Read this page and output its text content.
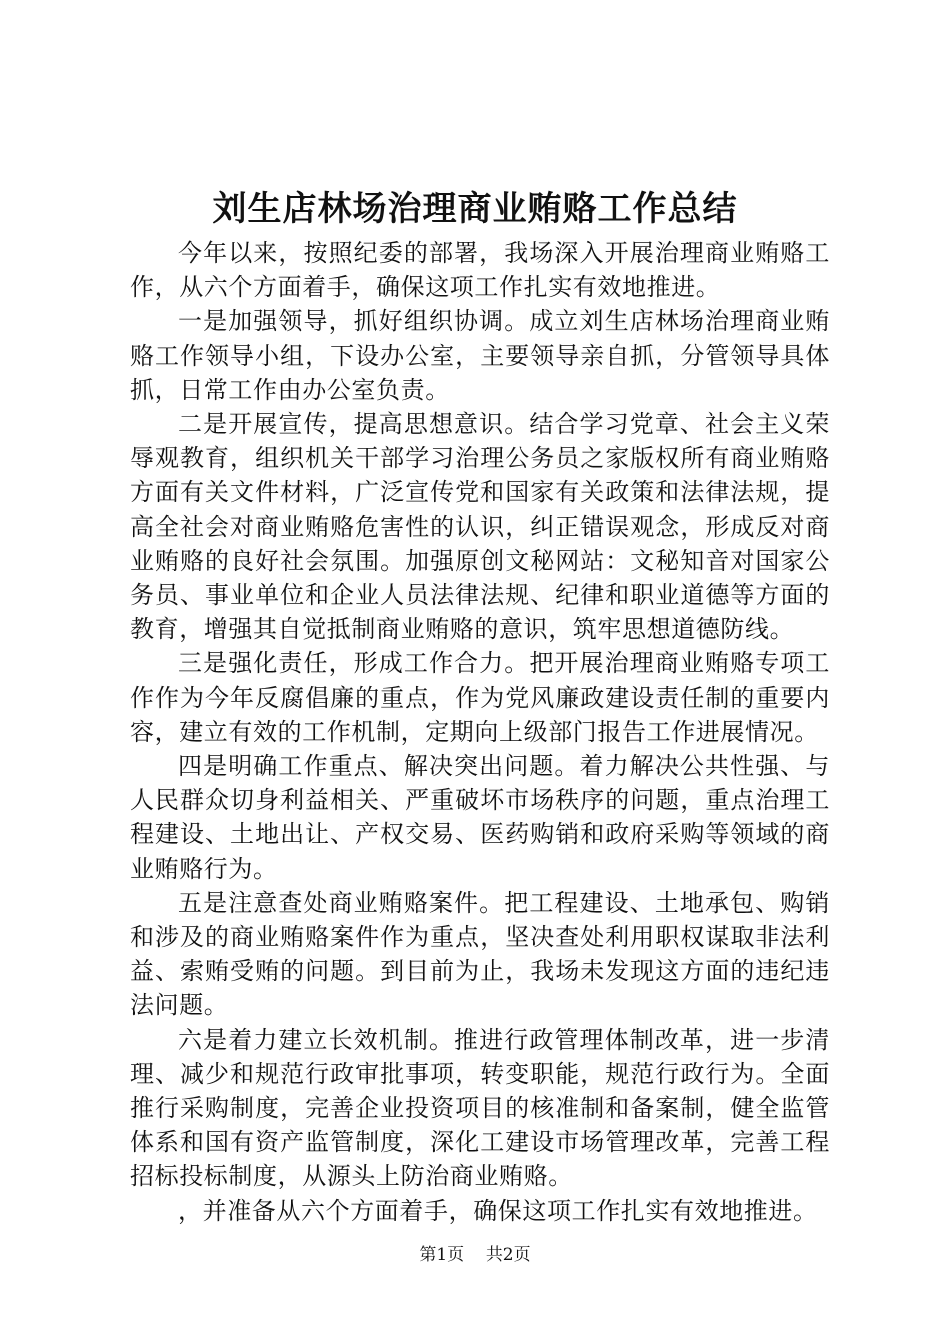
刘生店林场治理商业贿赂工作总结

今年以来，按照纪委的部署，我场深入开展治理商业贿赂工作，从六个方面着手，确保这项工作扎实有效地推进。

一是加强领导，抓好组织协调。成立刘生店林场治理商业贿赂工作领导小组，下设办公室，主要领导亲自抓，分管领导具体抓，日常工作由办公室负责。

二是开展宣传，提高思想意识。结合学习党章、社会主义荣辱观教育，组织机关干部学习治理公务员之家版权所有商业贿赂方面有关文件材料，广泛宣传党和国家有关政策和法律法规，提高全社会对商业贿赂危害性的认识，纠正错误观念，形成反对商业贿赂的良好社会氛围。加强原创文秘网站：文秘知音对国家公务员、事业单位和企业人员法律法规、纪律和职业道德等方面的教育，增强其自觉抵制商业贿赂的意识，筑牢思想道德防线。

三是强化责任，形成工作合力。把开展治理商业贿赂专项工作作为今年反腐倡廉的重点，作为党风廉政建设责任制的重要内容，建立有效的工作机制，定期向上级部门报告工作进展情况。

四是明确工作重点、解决突出问题。着力解决公共性强、与人民群众切身利益相关、严重破坏市场秩序的问题，重点治理工程建设、土地出让、产权交易、医药购销和政府采购等领域的商业贿赂行为。

五是注意查处商业贿赂案件。把工程建设、土地承包、购销和涉及的商业贿赂案件作为重点，坚决查处利用职权谋取非法利益、索贿受贿的问题。到目前为止，我场未发现这方面的违纪违法问题。

六是着力建立长效机制。推进行政管理体制改革，进一步清理、减少和规范行政审批事项，转变职能，规范行政行为。全面推行采购制度，完善企业投资项目的核准制和备案制，健全监管体系和国有资产监管制度，深化工建设市场管理改革，完善工程招标投标制度，从源头上防治商业贿赂。

，并准备从六个方面着手，确保这项工作扎实有效地推进。

第1页 共2页
